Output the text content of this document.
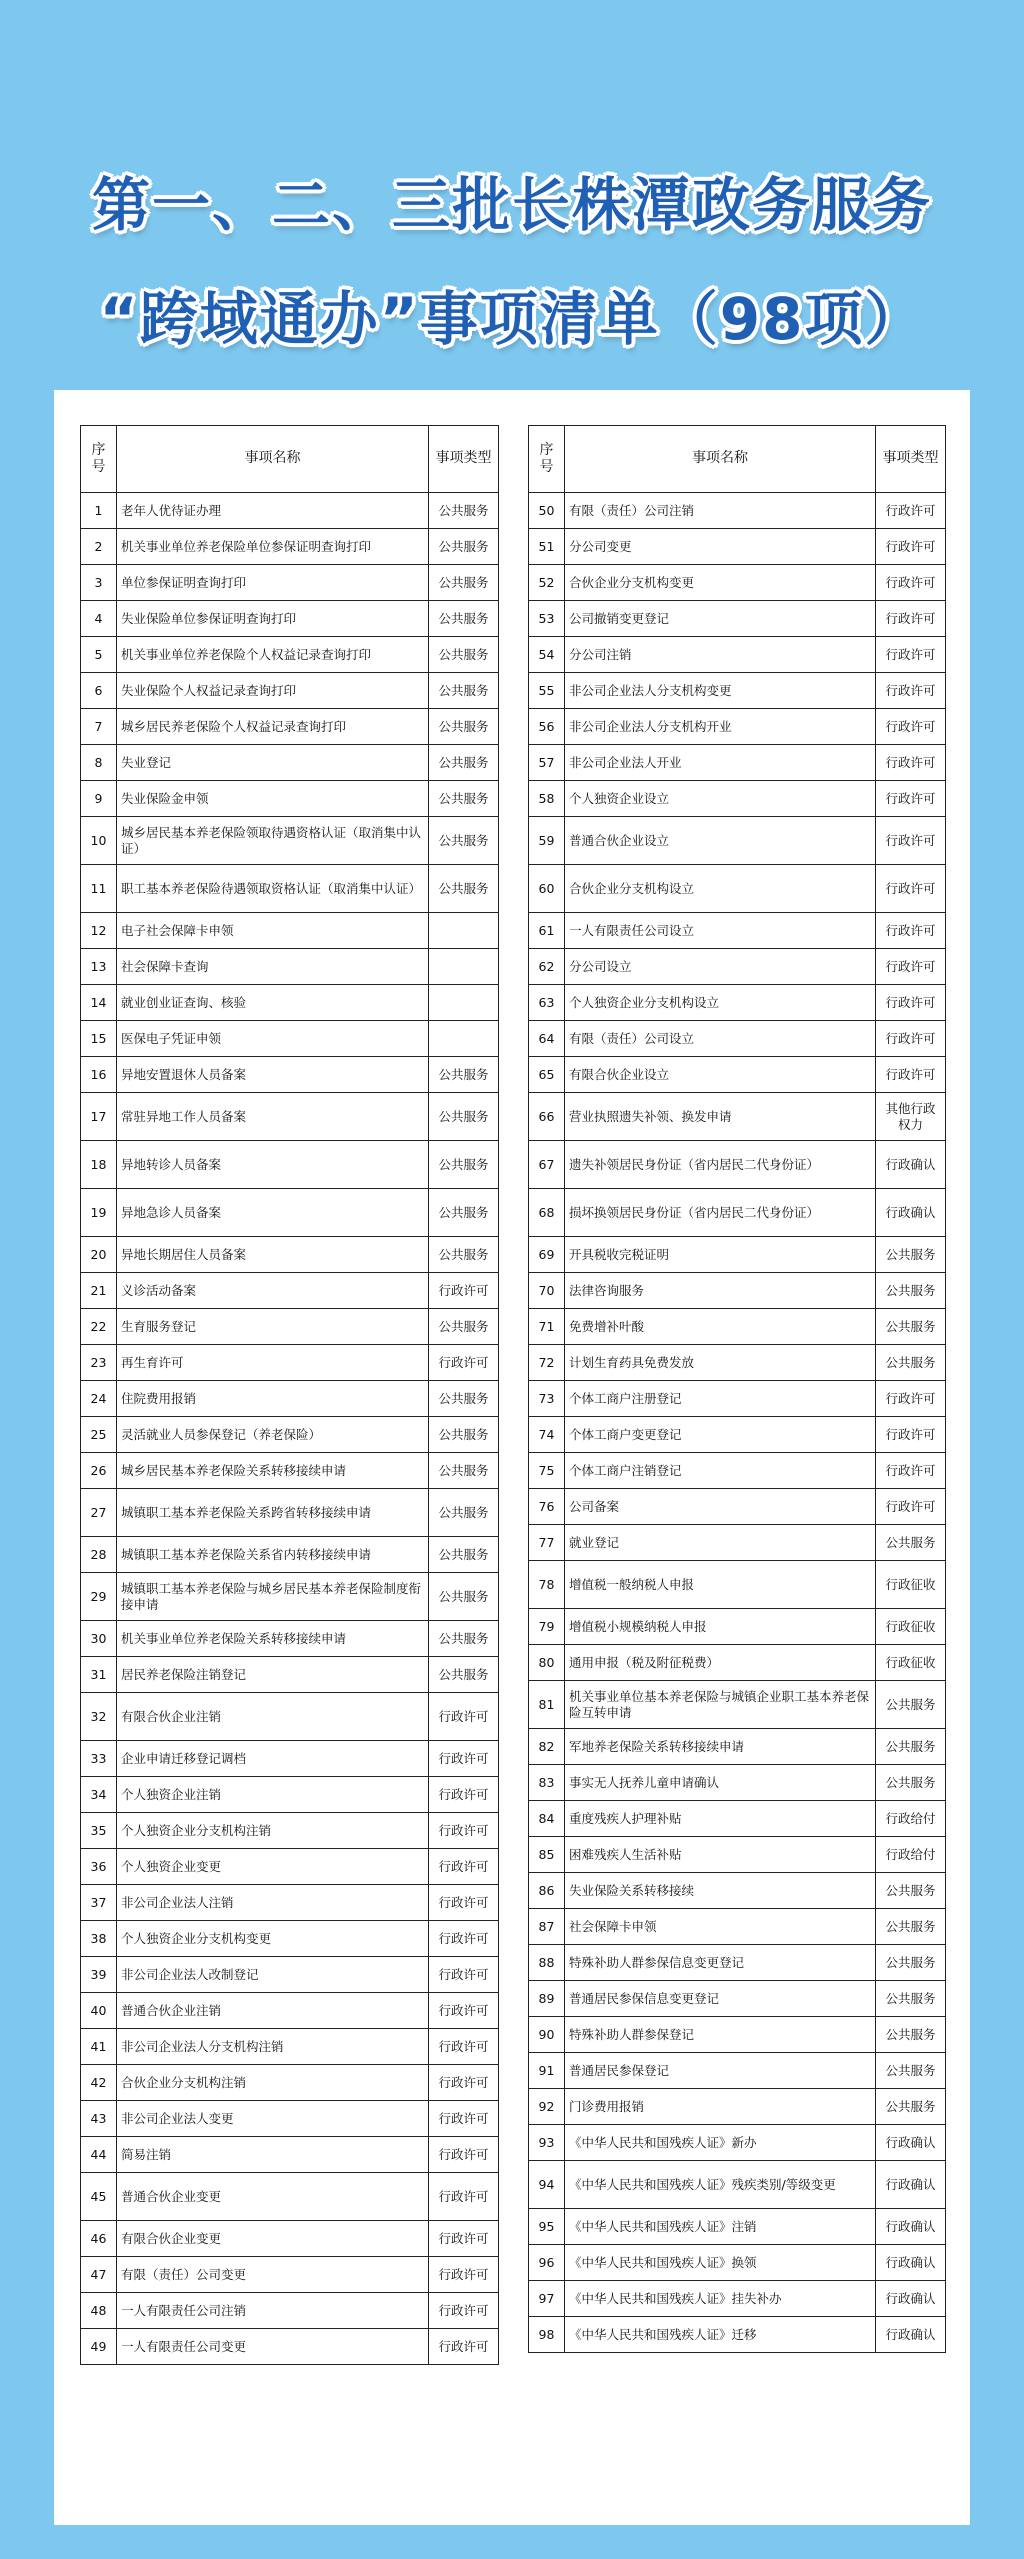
第一、二、三批长株潭政务服务
“跨域通办”事项清单（98项）
序号	事项名称	事项类型
1	老年人优待证办理	公共服务
2	机关事业单位养老保险单位参保证明查询打印	公共服务
3	单位参保证明查询打印	公共服务
4	失业保险单位参保证明查询打印	公共服务
5	机关事业单位养老保险个人权益记录查询打印	公共服务
6	失业保险个人权益记录查询打印	公共服务
7	城乡居民养老保险个人权益记录查询打印	公共服务
8	失业登记	公共服务
9	失业保险金申领	公共服务
10	城乡居民基本养老保险领取待遇资格认证（取消集中认证）	公共服务
11	职工基本养老保险待遇领取资格认证（取消集中认证）	公共服务
12	电子社会保障卡申领	
13	社会保障卡查询	
14	就业创业证查询、核验	
15	医保电子凭证申领	
16	异地安置退休人员备案	公共服务
17	常驻异地工作人员备案	公共服务
18	异地转诊人员备案	公共服务
19	异地急诊人员备案	公共服务
20	异地长期居住人员备案	公共服务
21	义诊活动备案	行政许可
22	生育服务登记	公共服务
23	再生育许可	行政许可
24	住院费用报销	公共服务
25	灵活就业人员参保登记（养老保险）	公共服务
26	城乡居民基本养老保险关系转移接续申请	公共服务
27	城镇职工基本养老保险关系跨省转移接续申请	公共服务
28	城镇职工基本养老保险关系省内转移接续申请	公共服务
29	城镇职工基本养老保险与城乡居民基本养老保险制度衔接申请	公共服务
30	机关事业单位养老保险关系转移接续申请	公共服务
31	居民养老保险注销登记	公共服务
32	有限合伙企业注销	行政许可
33	企业申请迁移登记调档	行政许可
34	个人独资企业注销	行政许可
35	个人独资企业分支机构注销	行政许可
36	个人独资企业变更	行政许可
37	非公司企业法人注销	行政许可
38	个人独资企业分支机构变更	行政许可
39	非公司企业法人改制登记	行政许可
40	普通合伙企业注销	行政许可
41	非公司企业法人分支机构注销	行政许可
42	合伙企业分支机构注销	行政许可
43	非公司企业法人变更	行政许可
44	简易注销	行政许可
45	普通合伙企业变更	行政许可
46	有限合伙企业变更	行政许可
47	有限（责任）公司变更	行政许可
48	一人有限责任公司注销	行政许可
49	一人有限责任公司变更	行政许可
序号	事项名称	事项类型
50	有限（责任）公司注销	行政许可
51	分公司变更	行政许可
52	合伙企业分支机构变更	行政许可
53	公司撤销变更登记	行政许可
54	分公司注销	行政许可
55	非公司企业法人分支机构变更	行政许可
56	非公司企业法人分支机构开业	行政许可
57	非公司企业法人开业	行政许可
58	个人独资企业设立	行政许可
59	普通合伙企业设立	行政许可
60	合伙企业分支机构设立	行政许可
61	一人有限责任公司设立	行政许可
62	分公司设立	行政许可
63	个人独资企业分支机构设立	行政许可
64	有限（责任）公司设立	行政许可
65	有限合伙企业设立	行政许可
66	营业执照遗失补领、换发申请	其他行政权力
67	遗失补领居民身份证（省内居民二代身份证）	行政确认
68	损坏换领居民身份证（省内居民二代身份证）	行政确认
69	开具税收完税证明	公共服务
70	法律咨询服务	公共服务
71	免费增补叶酸	公共服务
72	计划生育药具免费发放	公共服务
73	个体工商户注册登记	行政许可
74	个体工商户变更登记	行政许可
75	个体工商户注销登记	行政许可
76	公司备案	行政许可
77	就业登记	公共服务
78	增值税一般纳税人申报	行政征收
79	增值税小规模纳税人申报	行政征收
80	通用申报（税及附征税费）	行政征收
81	机关事业单位基本养老保险与城镇企业职工基本养老保险互转申请	公共服务
82	军地养老保险关系转移接续申请	公共服务
83	事实无人抚养儿童申请确认	公共服务
84	重度残疾人护理补贴	行政给付
85	困难残疾人生活补贴	行政给付
86	失业保险关系转移接续	公共服务
87	社会保障卡申领	公共服务
88	特殊补助人群参保信息变更登记	公共服务
89	普通居民参保信息变更登记	公共服务
90	特殊补助人群参保登记	公共服务
91	普通居民参保登记	公共服务
92	门诊费用报销	公共服务
93	《中华人民共和国残疾人证》新办	行政确认
94	《中华人民共和国残疾人证》残疾类别/等级变更	行政确认
95	《中华人民共和国残疾人证》注销	行政确认
96	《中华人民共和国残疾人证》换领	行政确认
97	《中华人民共和国残疾人证》挂失补办	行政确认
98	《中华人民共和国残疾人证》迁移	行政确认
